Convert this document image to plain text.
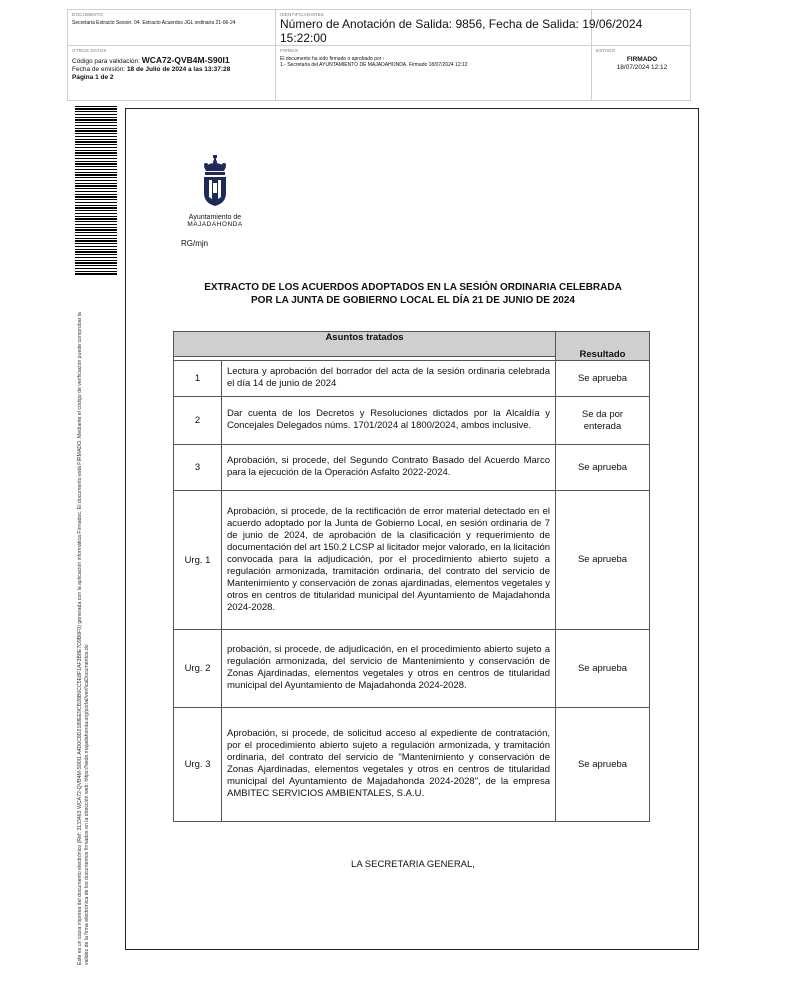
DOCUMENTO
Secretaria Extracto Sesion: 04. Extracto Acuerdos JGL ordinaria 21-06-24
IDENTIFICADORES
Número de Anotación de Salida: 9856, Fecha de Salida: 19/06/2024 15:22:00
OTROS DATOS
Código para validación: WCA72-QVB4M-S90I1
Fecha de emisión: 18 de Julio de 2024 a las 13:37:28
Página 1 de 2
FIRMAS
El documento ha sido firmado o aprobado por :
1.- Secretaria del AYUNTAMIENTO DE MAJADAHONDA. Firmado 18/07/2024 12:12
ESTADO
FIRMADO
18/07/2024 12:12
Este es un copia impresa del documento electrónico (Ref: 3133463 WCA72-QVB4M-S90I1 A4D0C8D2189EE9CB28B6CC5E8F1AF3B8E7D9B6F0) generada con la aplicación informática Firmadoc. El documento está FIRMADO. Mediante el código de verificación puede comprobar la validez de la firma electrónica de los documentos firmados en la dirección web: https://sede.majadahonda.org/portal/verificaDocumentos.do
Ayuntamiento de
MAJADAHONDA
RG/mjn
EXTRACTO DE LOS ACUERDOS ADOPTADOS EN LA SESIÓN ORDINARIA CELEBRADA
POR LA JUNTA DE GOBIERNO LOCAL EL DÍA 21 DE JUNIO DE 2024
Asuntos tratados		Resultado

1	Lectura y aprobación del borrador del acta de la sesión ordinaria celebrada el día 14 de junio de 2024	Se aprueba
2	Dar cuenta de los Decretos y Resoluciones dictados por la Alcaldía y Concejales Delegados núms. 1701/2024 al 1800/2024, ambos inclusive.	Se da por enterada
3	Aprobación, si procede, del Segundo Contrato Basado del Acuerdo Marco para la ejecución de la Operación Asfalto 2022-2024.	Se aprueba
Urg. 1	Aprobación, si procede, de la rectificación de error material detectado en el acuerdo adoptado por la Junta de Gobierno Local, en sesión ordinaria de 7 de junio de 2024, de aprobación de la clasificación y requerimiento de documentación del art 150.2 LCSP al licitador mejor valorado, en la licitación convocada para la adjudicación, por el procedimiento abierto sujeto a regulación armonizada, tramitación ordinaria, del contrato del servicio de Mantenimiento y conservación de zonas ajardinadas, elementos vegetales y otros en centros de titularidad municipal del Ayuntamiento de Majadahonda 2024-2028.	Se aprueba
Urg. 2	probación, si procede, de adjudicación, en el procedimiento abierto sujeto a regulación armonizada, del servicio de Mantenimiento y conservación de Zonas Ajardinadas, elementos vegetales y otros en centros de titularidad municipal del Ayuntamiento de Majadahonda 2024-2028.	Se aprueba
Urg. 3	Aprobación, si procede, de solicitud acceso al expediente de contratación, por el procedimiento abierto sujeto a regulación armonizada, y tramitación ordinaria, del contrato del servicio de "Mantenimiento y conservación de Zonas Ajardinadas, elementos vegetales y otros en centros de titularidad municipal del Ayuntamiento de Majadahonda 2024-2028", de la empresa AMBITEC SERVICIOS AMBIENTALES, S.A.U.	Se aprueba
LA SECRETARIA GENERAL,
